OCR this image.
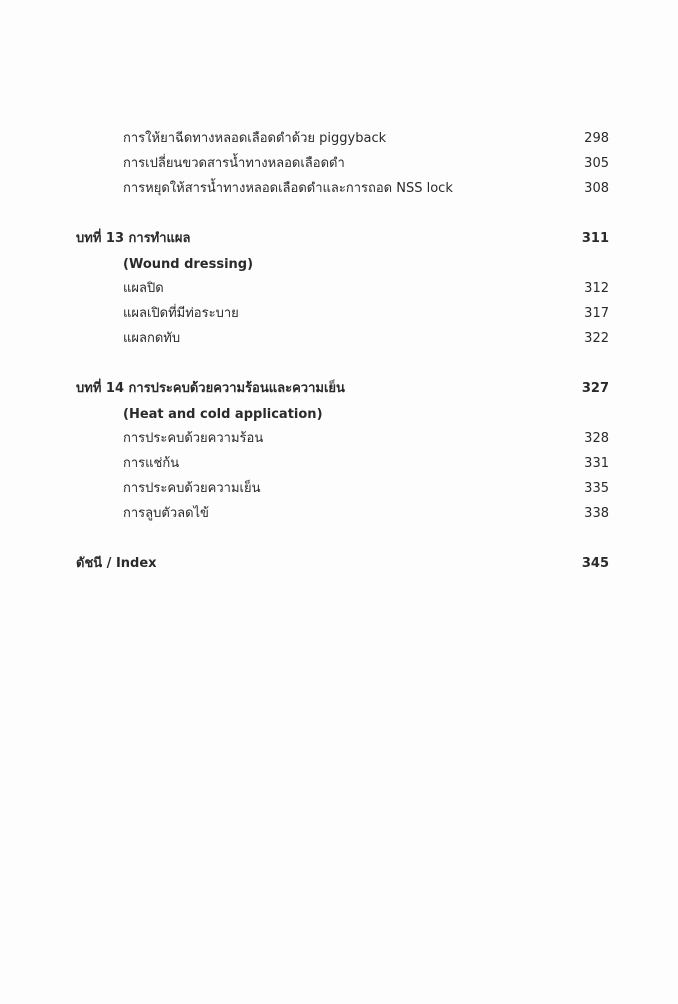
การให้ยาฉีดทางหลอดเลือดดำด้วย piggyback	298
การเปลี่ยนขวดสารน้ำทางหลอดเลือดดำ	305
การหยุดให้สารน้ำทางหลอดเลือดดำและการถอด NSS lock	308
บทที่ 13 การทำแผล	311
(Wound dressing)
แผลปิด	312
แผลเปิดที่มีท่อระบาย	317
แผลกดทับ	322
บทที่ 14 การประคบด้วยความร้อนและความเย็น	327
(Heat and cold application)
การประคบด้วยความร้อน	328
การแช่ก้น	331
การประคบด้วยความเย็น	335
การลูบตัวลดไข้	338
ดัชนี / Index	345
